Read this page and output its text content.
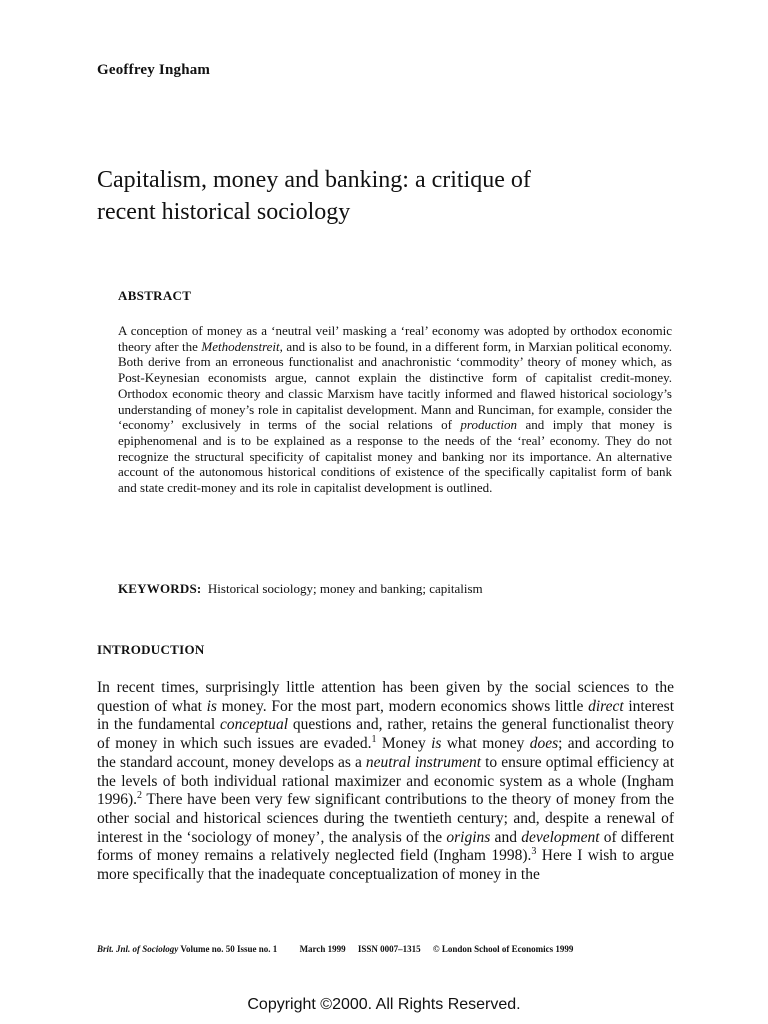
Geoffrey Ingham
Capitalism, money and banking: a critique of
recent historical sociology
ABSTRACT

A conception of money as a ‘neutral veil’ masking a ‘real’ economy was adopted by orthodox economic theory after the Methodenstreit, and is also to be found, in a different form, in Marxian political economy. Both derive from an erroneous functionalist and anachronistic ‘commodity’ theory of money which, as Post-Keynesian economists argue, cannot explain the distinctive form of capitalist credit-money. Orthodox economic theory and classic Marxism have tacitly informed and flawed historical sociology’s understanding of money’s role in capitalist development. Mann and Runciman, for example, consider the ‘economy’ exclusively in terms of the social relations of production and imply that money is epiphenomenal and is to be explained as a response to the needs of the ‘real’ economy. They do not recognize the structural specificity of capitalist money and banking nor its importance. An alternative account of the autonomous historical conditions of existence of the specifically capitalist form of bank and state credit-money and its role in capitalist development is outlined.

KEYWORDS: Historical sociology; money and banking; capitalism
INTRODUCTION

In recent times, surprisingly little attention has been given by the social sciences to the question of what is money. For the most part, modern economics shows little direct interest in the fundamental conceptual questions and, rather, retains the general functionalist theory of money in which such issues are evaded.$^1$ Money is what money does; and according to the standard account, money develops as a neutral instrument to ensure optimal efficiency at the levels of both individual rational maximizer and economic system as a whole (Ingham 1996).$^2$ There have been very few significant contributions to the theory of money from the other social and historical sciences during the twentieth century; and, despite a renewal of interest in the ‘sociology of money’, the analysis of the origins and development of different forms of money remains a relatively neglected field (Ingham 1998).$^3$ Here I wish to argue more specifically that the inadequate conceptualization of money in the

Brit. Jnl. of Sociology Volume no. 50 Issue no. 1 March 1999 ISSN 0007–1315 © London School of Economics 1999
Copyright ©2000. All Rights Reserved.
